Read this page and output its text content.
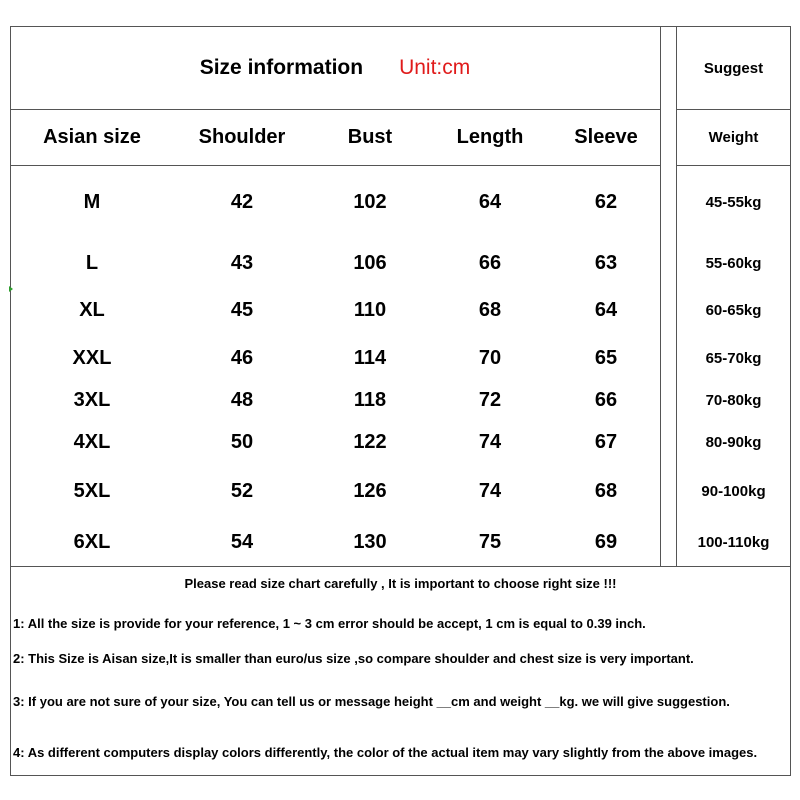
Size information Unit:cm	Suggest
Asian size	Shoulder	Bust	Length	Sleeve	Weight
M	42	102	64	62	45-55kg
L	43	106	66	63	55-60kg
XL	45	110	68	64	60-65kg
XXL	46	114	70	65	65-70kg
3XL	48	118	72	66	70-80kg
4XL	50	122	74	67	80-90kg
5XL	52	126	74	68	90-100kg
6XL	54	130	75	69	100-110kg
Please read size chart carefully , It is important to choose right size !!!
1: All the size is provide for your reference, 1 ~ 3 cm error should be accept, 1 cm is equal to 0.39 inch.
2: This Size is Aisan size,It is smaller than euro/us size ,so compare shoulder and chest size is very important.
3: If you are not sure of your size, You can tell us or message height __cm and weight __kg. we will give suggestion.
4: As different computers display colors differently, the color of the actual item may vary slightly from the above images.
